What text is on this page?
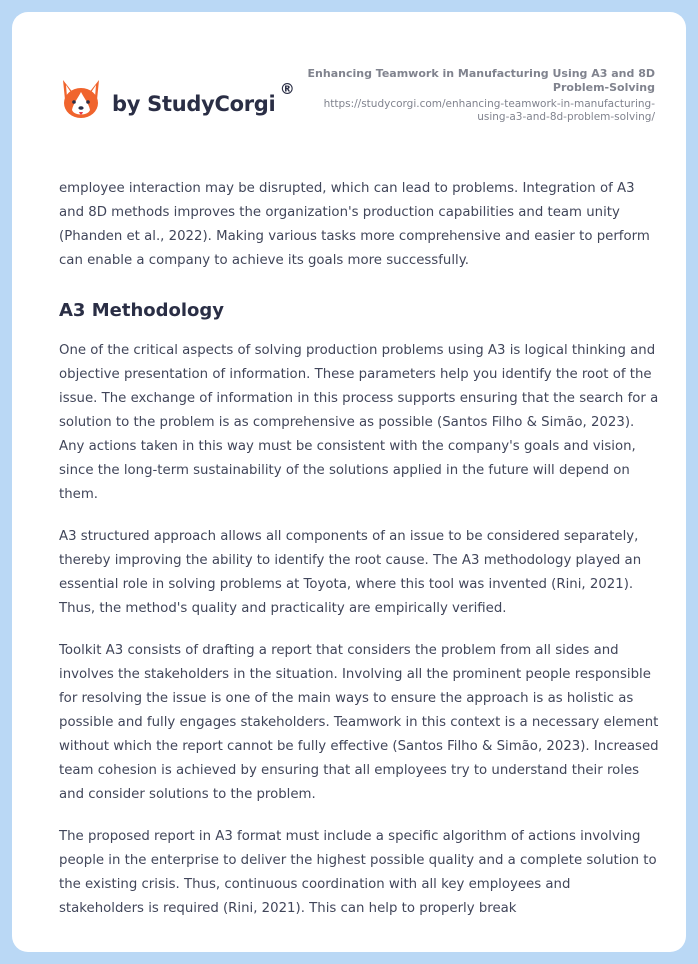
by StudyCorgi
®
Enhancing Teamwork in Manufacturing Using A3 and 8D Problem-Solving
https://studycorgi.com/enhancing-teamwork-in-manufacturing-using-a3-and-8d-problem-solving/

employee interaction may be disrupted, which can lead to problems. Integration of A3 and 8D methods improves the organization's production capabilities and team unity (Phanden et al., 2022). Making various tasks more comprehensive and easier to perform can enable a company to achieve its goals more successfully.

A3 Methodology

One of the critical aspects of solving production problems using A3 is logical thinking and objective presentation of information. These parameters help you identify the root of the issue. The exchange of information in this process supports ensuring that the search for a solution to the problem is as comprehensive as possible (Santos Filho & Simão, 2023). Any actions taken in this way must be consistent with the company's goals and vision, since the long-term sustainability of the solutions applied in the future will depend on them.

A3 structured approach allows all components of an issue to be considered separately, thereby improving the ability to identify the root cause. The A3 methodology played an essential role in solving problems at Toyota, where this tool was invented (Rini, 2021). Thus, the method's quality and practicality are empirically verified.

Toolkit A3 consists of drafting a report that considers the problem from all sides and involves the stakeholders in the situation. Involving all the prominent people responsible for resolving the issue is one of the main ways to ensure the approach is as holistic as possible and fully engages stakeholders. Teamwork in this context is a necessary element without which the report cannot be fully effective (Santos Filho & Simão, 2023). Increased team cohesion is achieved by ensuring that all employees try to understand their roles and consider solutions to the problem.

The proposed report in A3 format must include a specific algorithm of actions involving people in the enterprise to deliver the highest possible quality and a complete solution to the existing crisis. Thus, continuous coordination with all key employees and stakeholders is required (Rini, 2021). This can help to properly break
